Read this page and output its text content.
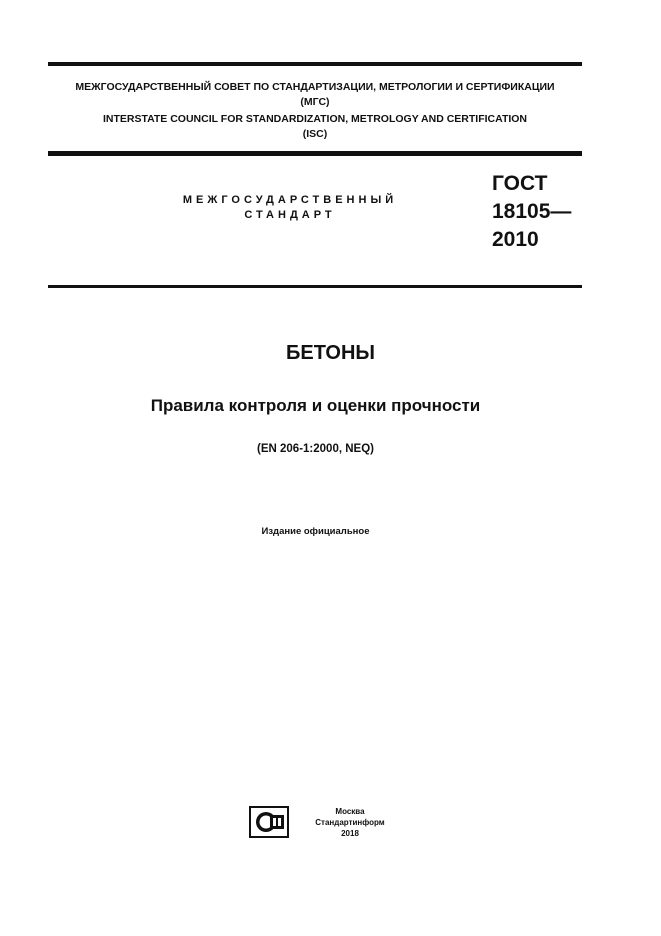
МЕЖГОСУДАРСТВЕННЫЙ СОВЕТ ПО СТАНДАРТИЗАЦИИ, МЕТРОЛОГИИ И СЕРТИФИКАЦИИ
(МГС)
INTERSTATE COUNCIL FOR STANDARDIZATION, METROLOGY AND CERTIFICATION
(ISC)
МЕЖГОСУДАРСТВЕННЫЙ
СТАНДАРТ
ГОСТ
18105—
2010
БЕТОНЫ
Правила контроля и оценки прочности
(EN 206-1:2000, NEQ)
Издание официальное
Москва
Стандартинформ
2018
